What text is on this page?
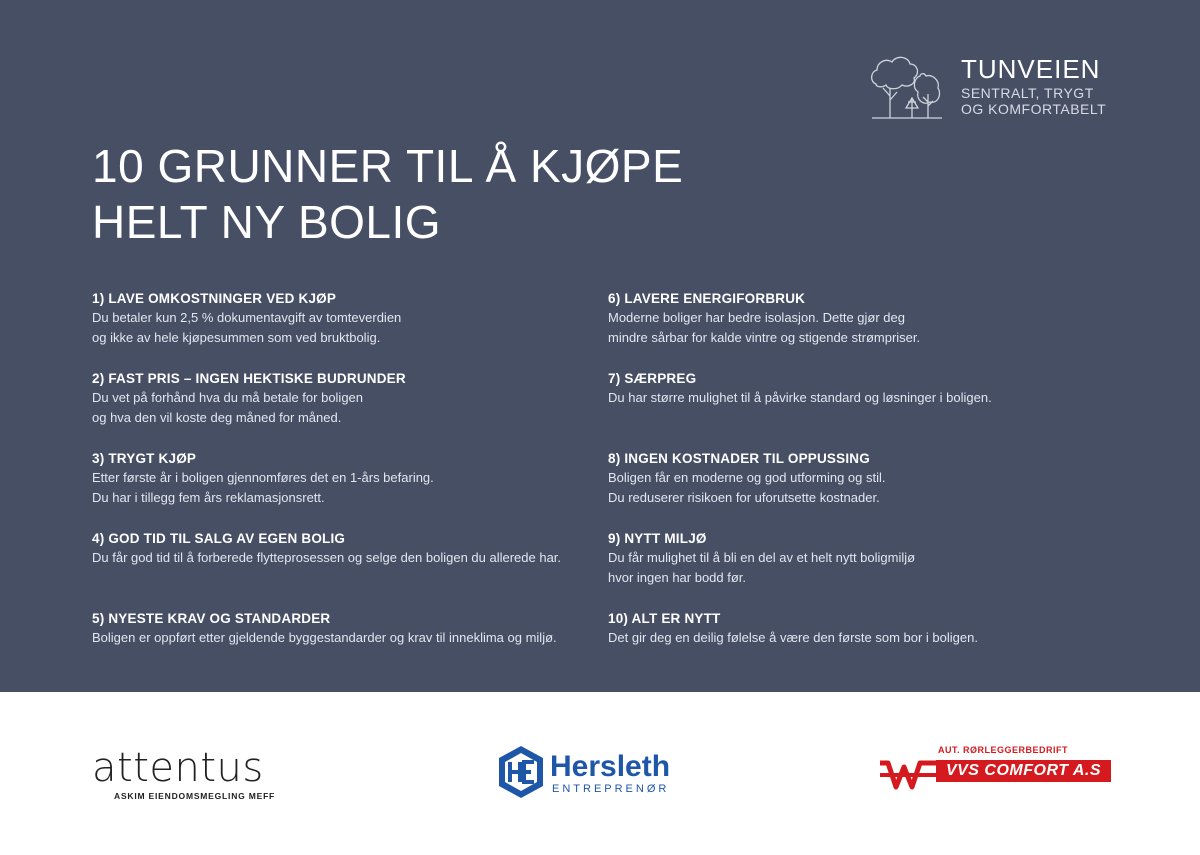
TUNVEIEN
SENTRALT, TRYGT
OG KOMFORTABELT
10 GRUNNER TIL Å KJØPE
HELT NY BOLIG
1) LAVE OMKOSTNINGER VED KJØP
Du betaler kun 2,5 % dokumentavgift av tomteverdien
og ikke av hele kjøpesummen som ved bruktbolig.
2) FAST PRIS – INGEN HEKTISKE BUDRUNDER
Du vet på forhånd hva du må betale for boligen
og hva den vil koste deg måned for måned.
3) TRYGT KJØP
Etter første år i boligen gjennomføres det en 1-års befaring.
Du har i tillegg fem års reklamasjonsrett.
4) GOD TID TIL SALG AV EGEN BOLIG
Du får god tid til å forberede flytteprosessen og selge den boligen du allerede har.
5) NYESTE KRAV OG STANDARDER
Boligen er oppført etter gjeldende byggestandarder og krav til inneklima og miljø.
6) LAVERE ENERGIFORBRUK
Moderne boliger har bedre isolasjon. Dette gjør deg
mindre sårbar for kalde vintre og stigende strømpriser.
7) SÆRPREG
Du har større mulighet til å påvirke standard og løsninger i boligen.
8) INGEN KOSTNADER TIL OPPUSSING
Boligen får en moderne og god utforming og stil.
Du reduserer risikoen for uforutsette kostnader.
9) NYTT MILJØ
Du får mulighet til å bli en del av et helt nytt boligmiljø
hvor ingen har bodd før.
10) ALT ER NYTT
Det gir deg en deilig følelse å være den første som bor i boligen.
attentus
ASKIM EIENDOMSMEGLING MEFF
Hersleth
ENTREPRENØR
AUT. RØRLEGGERBEDRIFT
VVS COMFORT A.S
